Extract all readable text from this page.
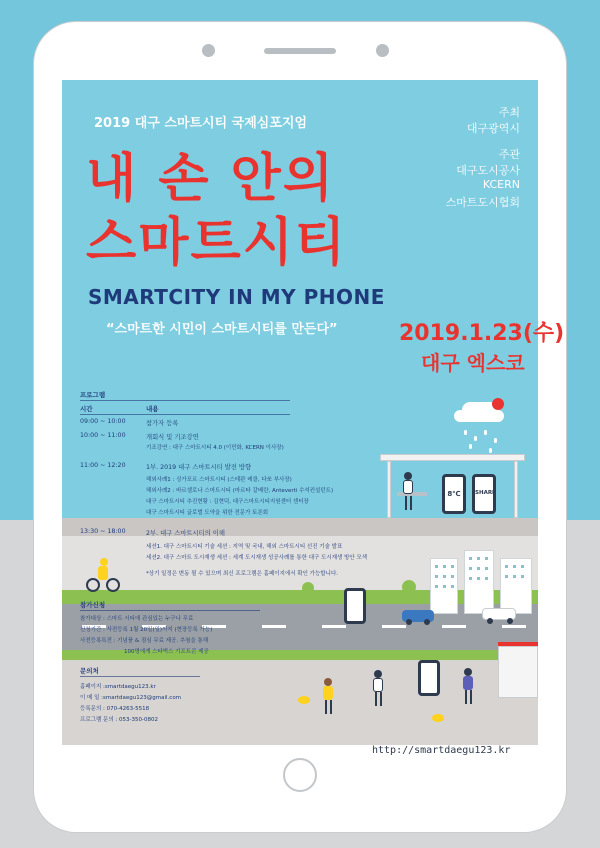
8℃	SHARE
2019 대구 스마트시티 국제심포지엄
내 손 안의
스마트시티
SMARTCITY IN MY PHONE
“스마트한 시민이 스마트시티를 만든다”	2019.1.23(수)
대구 엑스코
주최
대구광역시
주관
대구도시공사
KCERN
스마트도시협회
프로그램
시간	내용
09:00 ~ 10:00	참가자 등록
10:00 ~ 11:00	개회식 및 기조강연
기조강연 : 대구 스마트시티 4.0 (이민화, KCERN 이사장)
11:00 ~ 12:20	1부. 2019 대구 스마트시티 발전 방향
해외사례1 : 싱가포르 스마트시티 (스테판 레클, 다쏘 부사장)
해외사례2 : 바르셀로나 스마트시티 (마르타 갈베란, Anteverti 수석컨설턴트)
대구 스마트시티 추진현황 : 김현덕, 대구스마트시티지원센터 센터장
대구 스마트시티 글로벌 도약을 위한 전문가 토론회
13:30 ~ 18:00	2부. 대구 스마트시티의 이해
세션1. 대구 스마트시티 기술 세션 : 지역 및 국내, 해외 스마트시티 선진 기술 발표
세션2. 대구 스마트 도시재생 세션 : 세계 도시재생 성공사례를 통한 대구 도시재생 방안 모색
*상기 일정은 변동 될 수 있으며 최신 프로그램은 홈페이지에서 확인 가능합니다.
참가신청
참가대상 : 스마트 시티에 관심있는 누구나 무료
신청기간 : 사전등록 1월 20일(일)까지 (현장등록 가능)
사전등록특전 : 기념품 & 점심 무료 제공. 추첨을 통해
100명에게 스타벅스 기프트콘 제공
문의처
홈페이지 :smartdaegu123.kr
이 메 일 :smartdaegu123@gmail.com
등록문의 : 070-4263-5518
프로그램 문의 : 053-350-0802
http://smartdaegu123.kr
